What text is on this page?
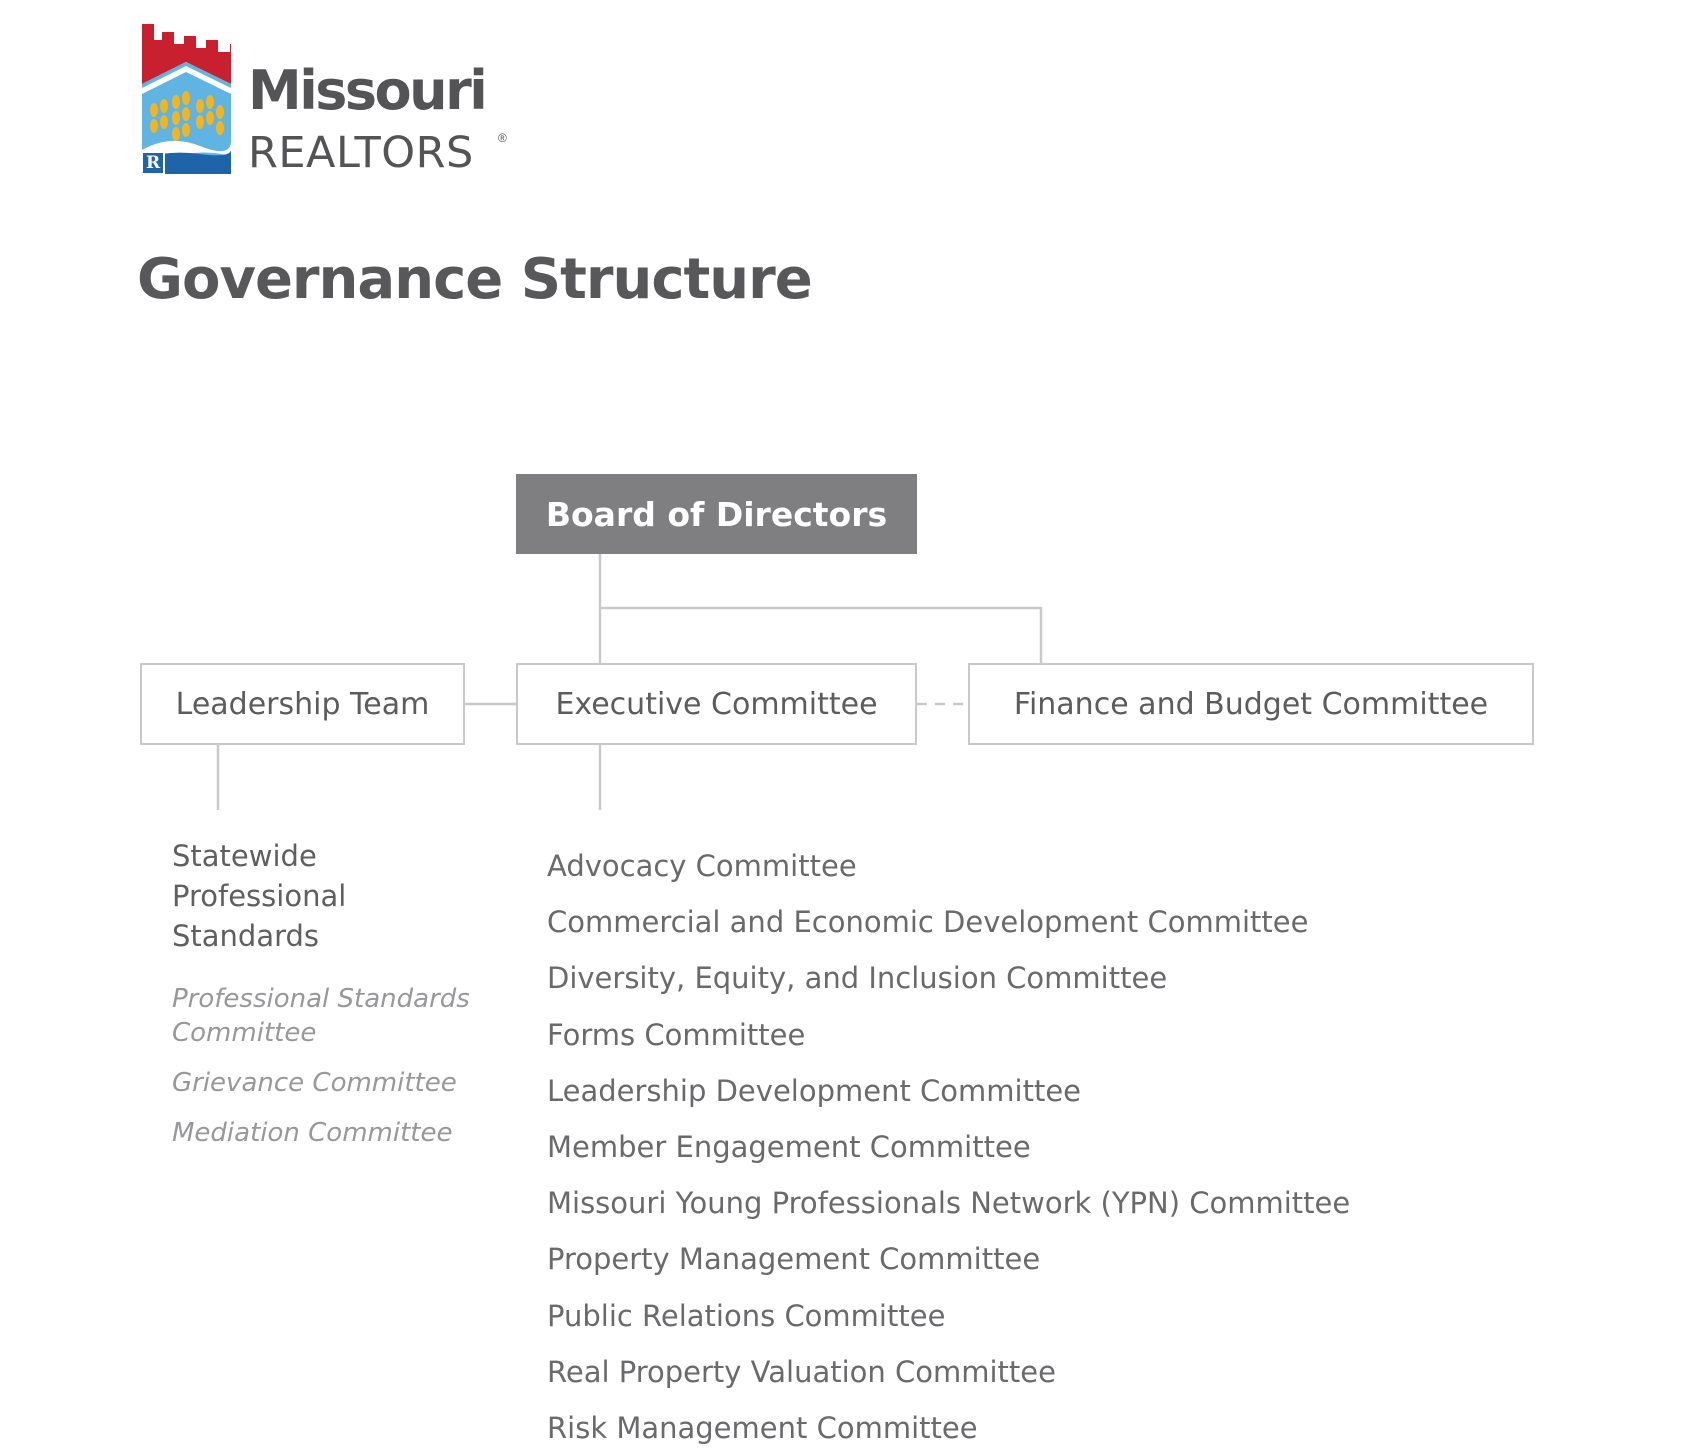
R
Missouri
REALTORS ®
Governance Structure
Board of Directors
Leadership Team	Executive Committee	Finance and Budget Committee
Statewide Professional Standards
Professional Standards Committee
Grievance Committee
Mediation Committee
Advocacy Committee
Commercial and Economic Development Committee
Diversity, Equity, and Inclusion Committee
Forms Committee
Leadership Development Committee
Member Engagement Committee
Missouri Young Professionals Network (YPN) Committee
Property Management Committee
Public Relations Committee
Real Property Valuation Committee
Risk Management Committee
